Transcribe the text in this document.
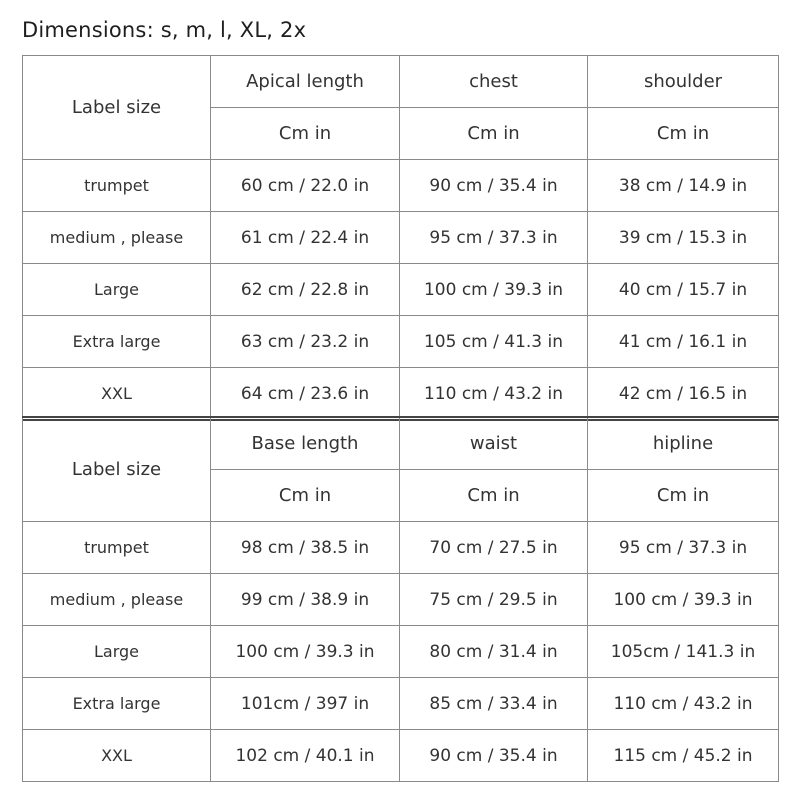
Dimensions: s, m, l, XL, 2x
Label size	Apical length	chest	shoulder
	Cm in	Cm in	Cm in
trumpet	60 cm / 22.0 in	90 cm / 35.4 in	38 cm / 14.9 in
medium , please	61 cm / 22.4 in	95 cm / 37.3 in	39 cm / 15.3 in
Large	62 cm / 22.8 in	100 cm / 39.3 in	40 cm / 15.7 in
Extra large	63 cm / 23.2 in	105 cm / 41.3 in	41 cm / 16.1 in
XXL	64 cm / 23.6 in	110 cm / 43.2 in	42 cm / 16.5 in
Label size	Base length	waist	hipline
	Cm in	Cm in	Cm in
trumpet	98 cm / 38.5 in	70 cm / 27.5 in	95 cm / 37.3 in
medium , please	99 cm / 38.9 in	75 cm / 29.5 in	100 cm / 39.3 in
Large	100 cm / 39.3 in	80 cm / 31.4 in	105cm / 141.3 in
Extra large	101cm / 397 in	85 cm / 33.4 in	110 cm / 43.2 in
XXL	102 cm / 40.1 in	90 cm / 35.4 in	115 cm / 45.2 in
